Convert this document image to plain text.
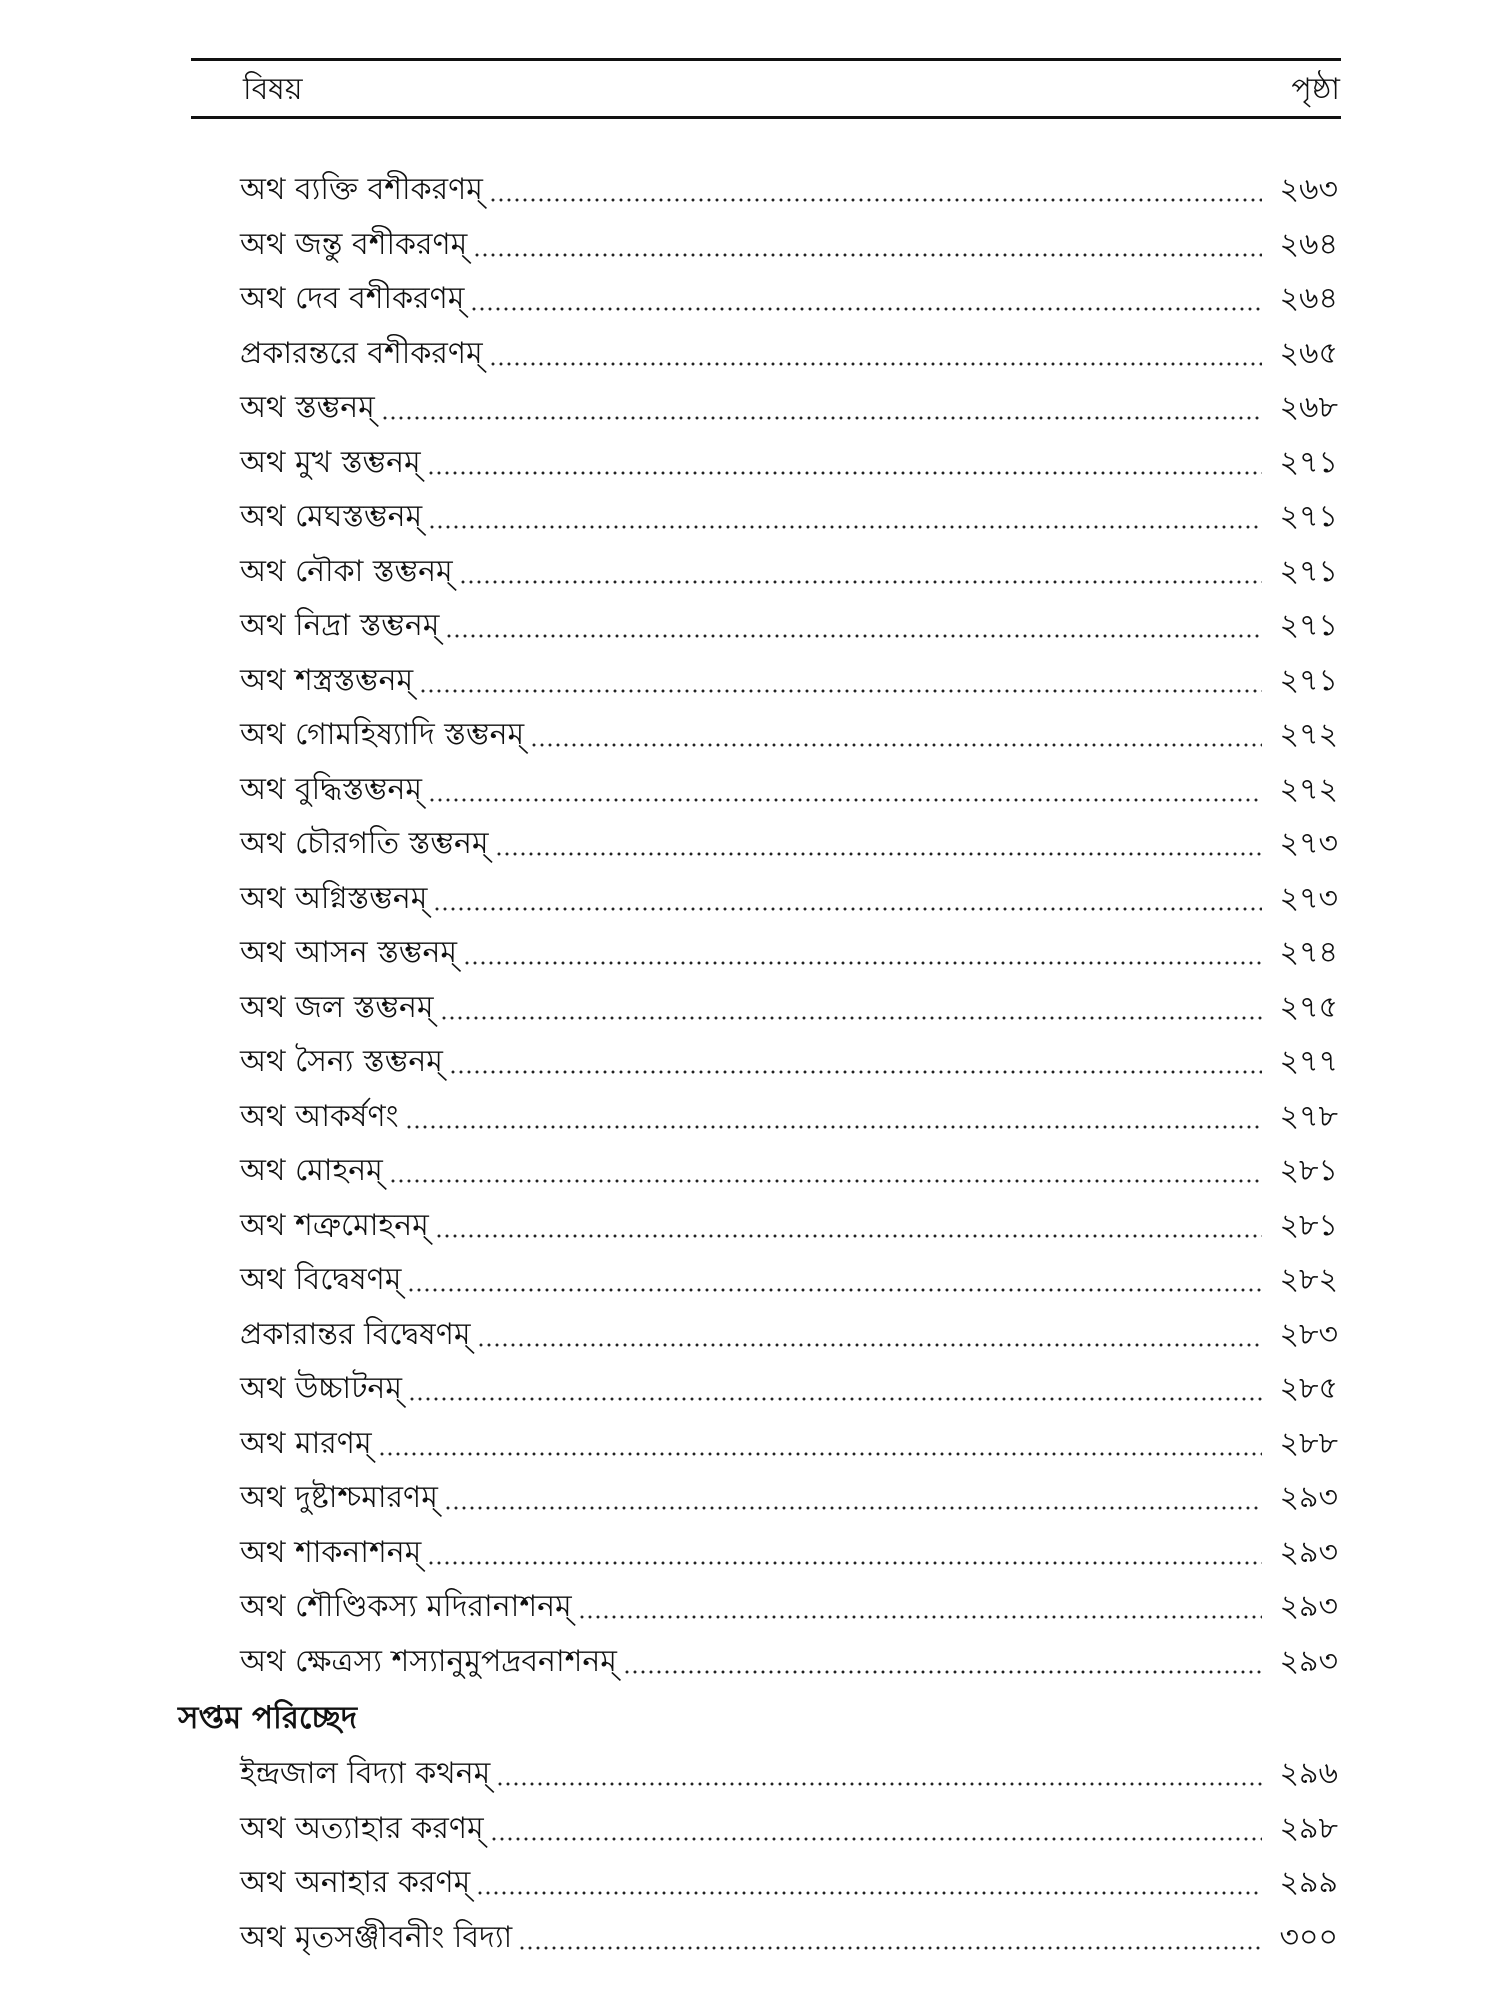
বিষয়	পৃষ্ঠা
অথ ব্যক্তি বশীকরণম্	২৬৩
অথ জন্তু বশীকরণম্	২৬৪
অথ দেব বশীকরণম্	২৬৪
প্রকারন্তরে বশীকরণম্	২৬৫
অথ স্তম্ভনম্	২৬৮
অথ মুখ স্তম্ভনম্	২৭১
অথ মেঘস্তম্ভনম্	২৭১
অথ নৌকা স্তম্ভনম্	২৭১
অথ নিদ্রা স্তম্ভনম্	২৭১
অথ শস্ত্রস্তম্ভনম্	২৭১
অথ গোমহিষ্যাদি স্তম্ভনম্	২৭২
অথ বুদ্ধিস্তম্ভনম্	২৭২
অথ চৌরগতি স্তম্ভনম্	২৭৩
অথ অগ্নিস্তম্ভনম্	২৭৩
অথ আসন স্তম্ভনম্	২৭৪
অথ জল স্তম্ভনম্	২৭৫
অথ সৈন্য স্তম্ভনম্	২৭৭
অথ আকর্ষণং	২৭৮
অথ মোহনম্	২৮১
অথ শত্রুমোহনম্	২৮১
অথ বিদ্বেষণম্	২৮২
প্রকারান্তর বিদ্বেষণম্	২৮৩
অথ উচ্চাটনম্	২৮৫
অথ মারণম্	২৮৮
অথ দুষ্টাশ্চমারণম্	২৯৩
অথ শাকনাশনম্	২৯৩
অথ শৌণ্ডিকস্য মদিরানাশনম্	২৯৩
অথ ক্ষেত্রস্য শস্যানুমুপদ্রবনাশনম্	২৯৩
সপ্তম পরিচ্ছেদ
ইন্দ্রজাল বিদ্যা কথনম্	২৯৬
অথ অত্যাহার করণম্	২৯৮
অথ অনাহার করণম্	২৯৯
অথ মৃতসঞ্জীবনীং বিদ্যা	৩০০
